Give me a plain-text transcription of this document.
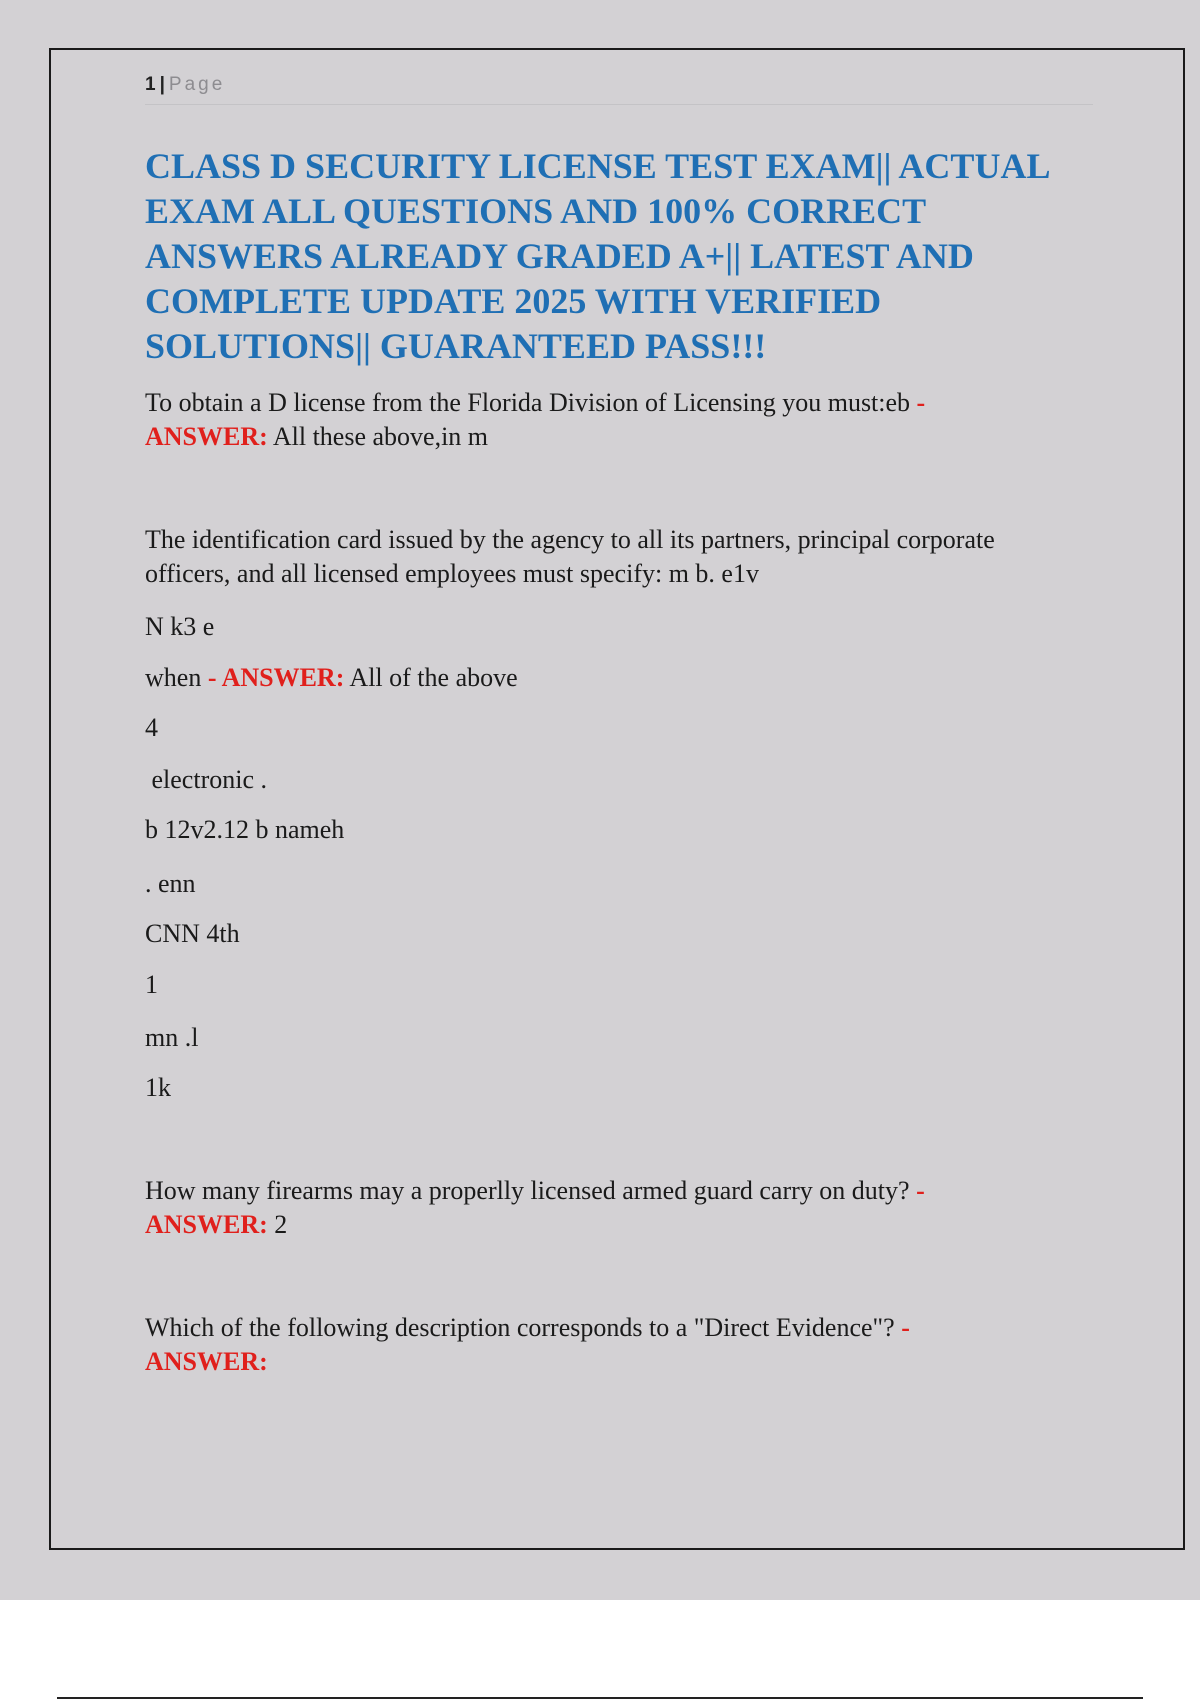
1 | Page
CLASS D SECURITY LICENSE TEST EXAM|| ACTUAL EXAM ALL QUESTIONS AND 100% CORRECT ANSWERS ALREADY GRADED A+|| LATEST AND COMPLETE UPDATE 2025 WITH VERIFIED SOLUTIONS|| GUARANTEED PASS!!!

To obtain a D license from the Florida Division of Licensing you must:eb -
ANSWER: All these above,in m

The identification card issued by the agency to all its partners, principal corporate officers, and all licensed employees must specify: m b. e1v

N k3 e

when - ANSWER: All of the above

4

electronic .

b 12v2.12 b nameh

. enn

CNN 4th

1

mn .l

1k

How many firearms may a properlly licensed armed guard carry on duty? -
ANSWER: 2

Which of the following description corresponds to a "Direct Evidence"? -
ANSWER:
